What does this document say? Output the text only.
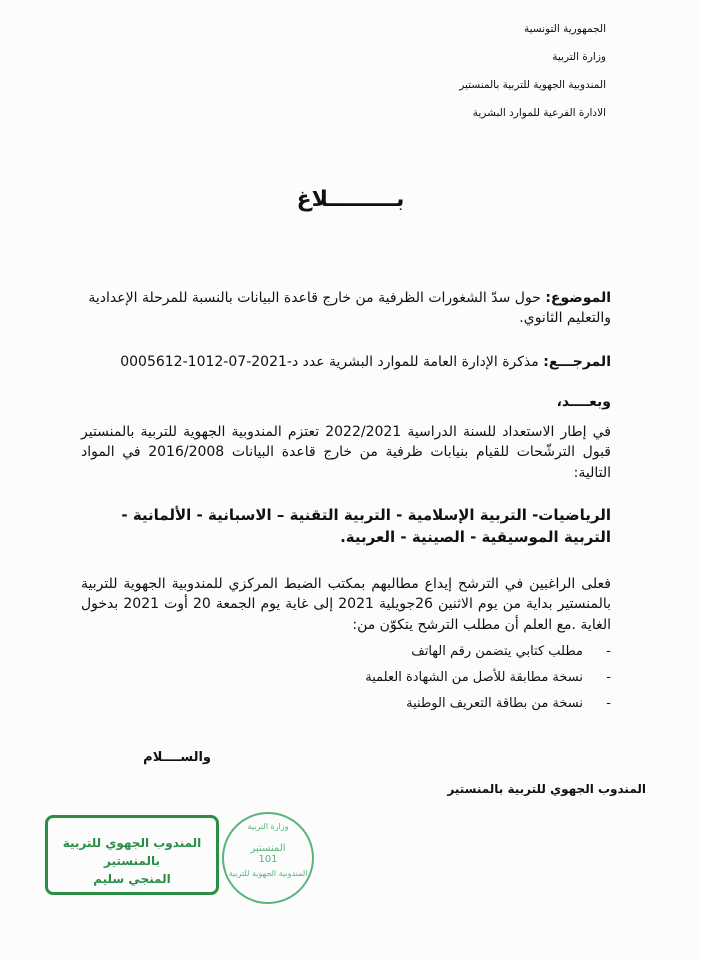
الجمهورية التونسية
وزارة التربية
المندوبية الجهوية للتربية بالمنستير
الادارة الفرعية للموارد البشرية
بـــــــــلاغ

الموضوع: حول سدّ الشغورات الظرفية من خارج قاعدة البيانات بالنسبة للمرحلة الإعدادية والتعليم الثانوي.

المرجـــع: مذكرة الإدارة العامة للموارد البشرية عدد د-2021-07-1012-0005612

وبعــــد،

في إطار الاستعداد للسنة الدراسية 2022/2021 تعتزم المندوبية الجهوية للتربية بالمنستير قبول الترشّحات للقيام بنيابات ظرفية من خارج قاعدة البيانات 2016/2008 في المواد التالية:

الرياضيات- التربية الإسلامية - التربية التقنية – الاسبانية - الألمانية - التربية الموسيقية - الصينية - العربية.

فعلى الراغبين في الترشح إيداع مطالبهم بمكتب الضبط المركزي للمندوبية الجهوية للتربية بالمنستير بداية من يوم الاثنين 26جويلية 2021 إلى غاية يوم الجمعة 20 أوت 2021 بدخول الغاية .مع العلم أن مطلب الترشح يتكوّن من:

-
مطلب كتابي يتضمن رقم الهاتف
-
نسخة مطابقة للأصل من الشهادة العلمية
-
نسخة من بطاقة التعريف الوطنية
والســــلام
المندوب الجهوي للتربية بالمنستير
المندوب الجهوي للتربية بالمنستير
المنجي سليم
وزارة التربية
المنستير
101
المندوبية الجهوية للتربية
